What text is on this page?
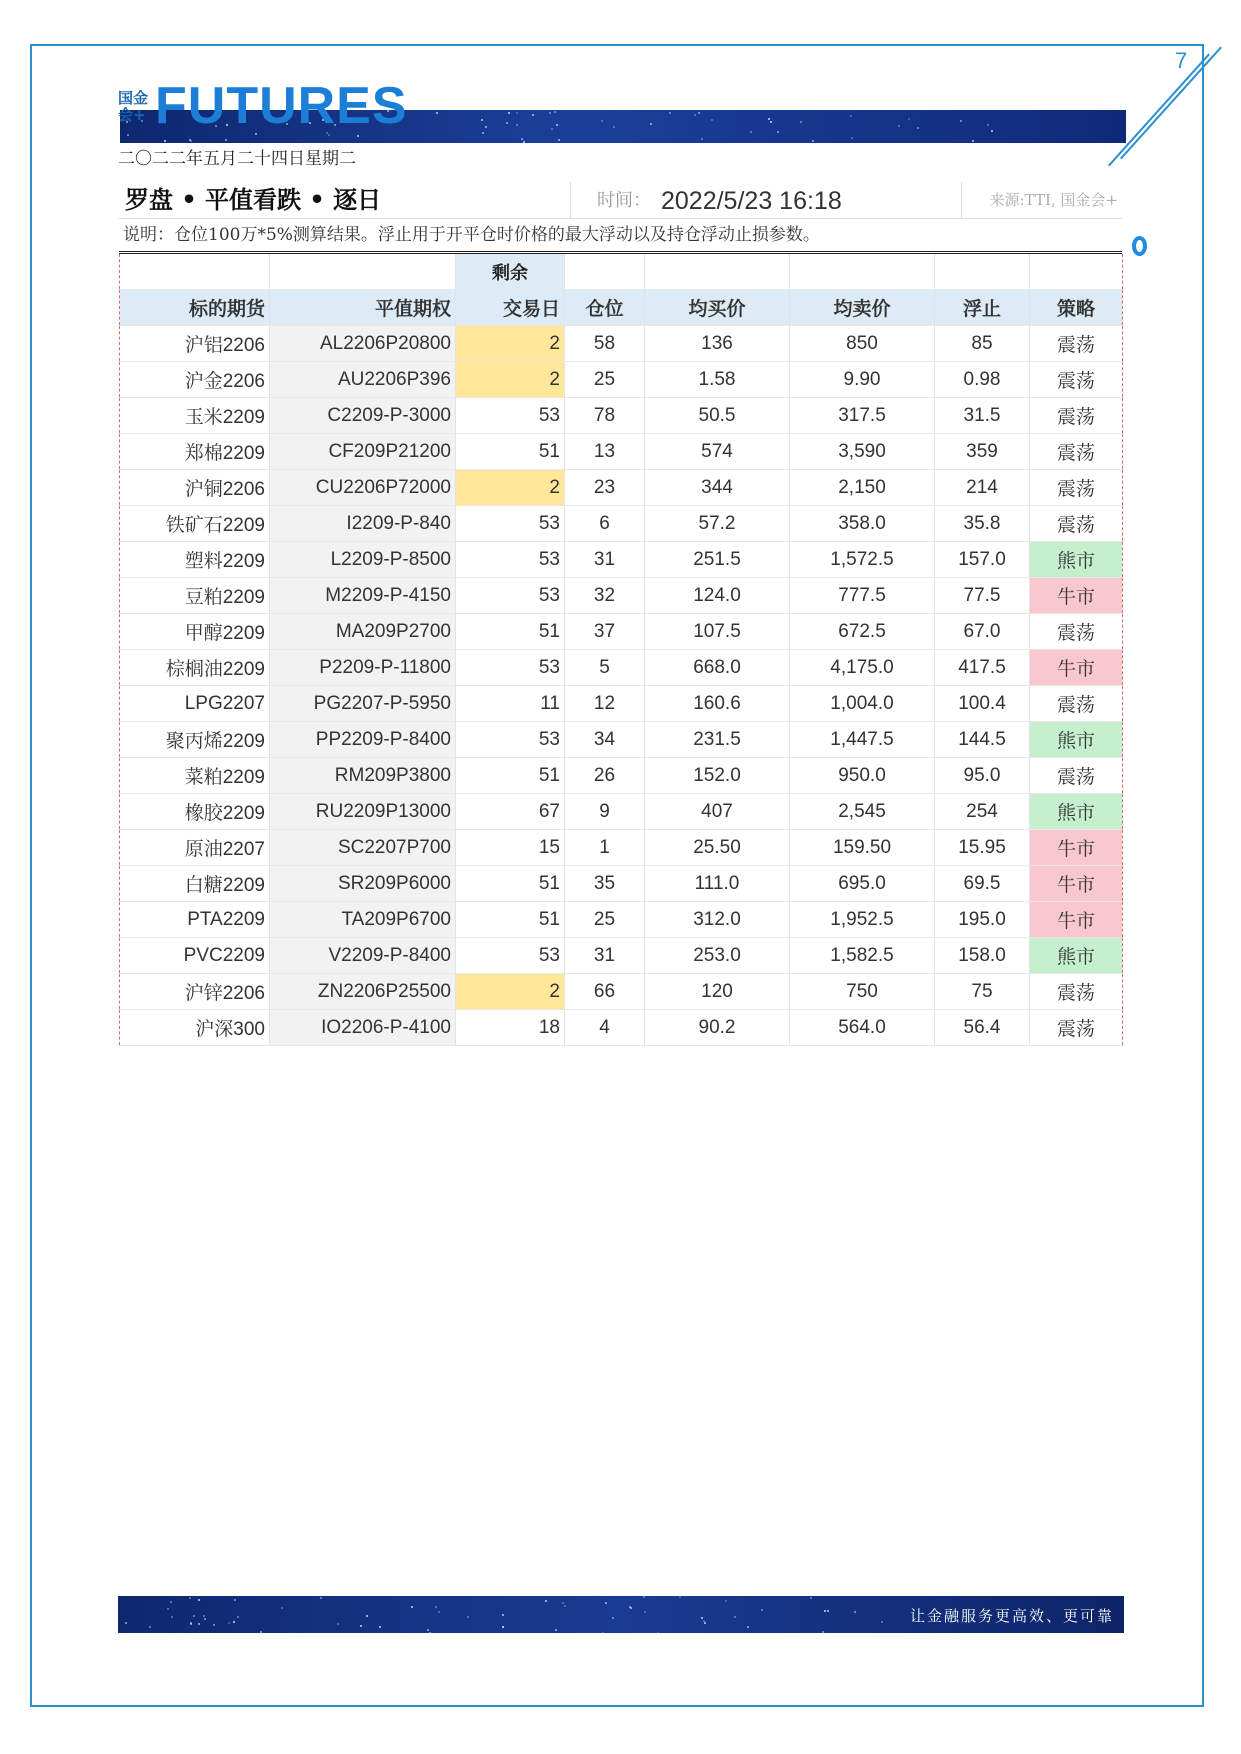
7
国金期货
SINOLINK FUTURES
国金会+ FUTURES
二〇二二年五月二十四日星期二
罗盘 • 平值看跌 • 逐日	时间： 2022/5/23 16:18	来源:TTI, 国金会+
说明：仓位100万*5%测算结果。浮止用于开平仓时价格的最大浮动以及持仓浮动止损参数。
		剩余					
标的期货	平值期权	交易日	仓位	均买价	均卖价	浮止	策略
沪铝2206	AL2206P20800	2	58	136	850	85	震荡
沪金2206	AU2206P396	2	25	1.58	9.90	0.98	震荡
玉米2209	C2209-P-3000	53	78	50.5	317.5	31.5	震荡
郑棉2209	CF209P21200	51	13	574	3,590	359	震荡
沪铜2206	CU2206P72000	2	23	344	2,150	214	震荡
铁矿石2209	I2209-P-840	53	6	57.2	358.0	35.8	震荡
塑料2209	L2209-P-8500	53	31	251.5	1,572.5	157.0	熊市
豆粕2209	M2209-P-4150	53	32	124.0	777.5	77.5	牛市
甲醇2209	MA209P2700	51	37	107.5	672.5	67.0	震荡
棕榈油2209	P2209-P-11800	53	5	668.0	4,175.0	417.5	牛市
LPG2207	PG2207-P-5950	11	12	160.6	1,004.0	100.4	震荡
聚丙烯2209	PP2209-P-8400	53	34	231.5	1,447.5	144.5	熊市
菜粕2209	RM209P3800	51	26	152.0	950.0	95.0	震荡
橡胶2209	RU2209P13000	67	9	407	2,545	254	熊市
原油2207	SC2207P700	15	1	25.50	159.50	15.95	牛市
白糖2209	SR209P6000	51	35	111.0	695.0	69.5	牛市
PTA2209	TA209P6700	51	25	312.0	1,952.5	195.0	牛市
PVC2209	V2209-P-8400	53	31	253.0	1,582.5	158.0	熊市
沪锌2206	ZN2206P25500	2	66	120	750	75	震荡
沪深300	IO2206-P-4100	18	4	90.2	564.0	56.4	震荡
让金融服务更高效、更可靠
